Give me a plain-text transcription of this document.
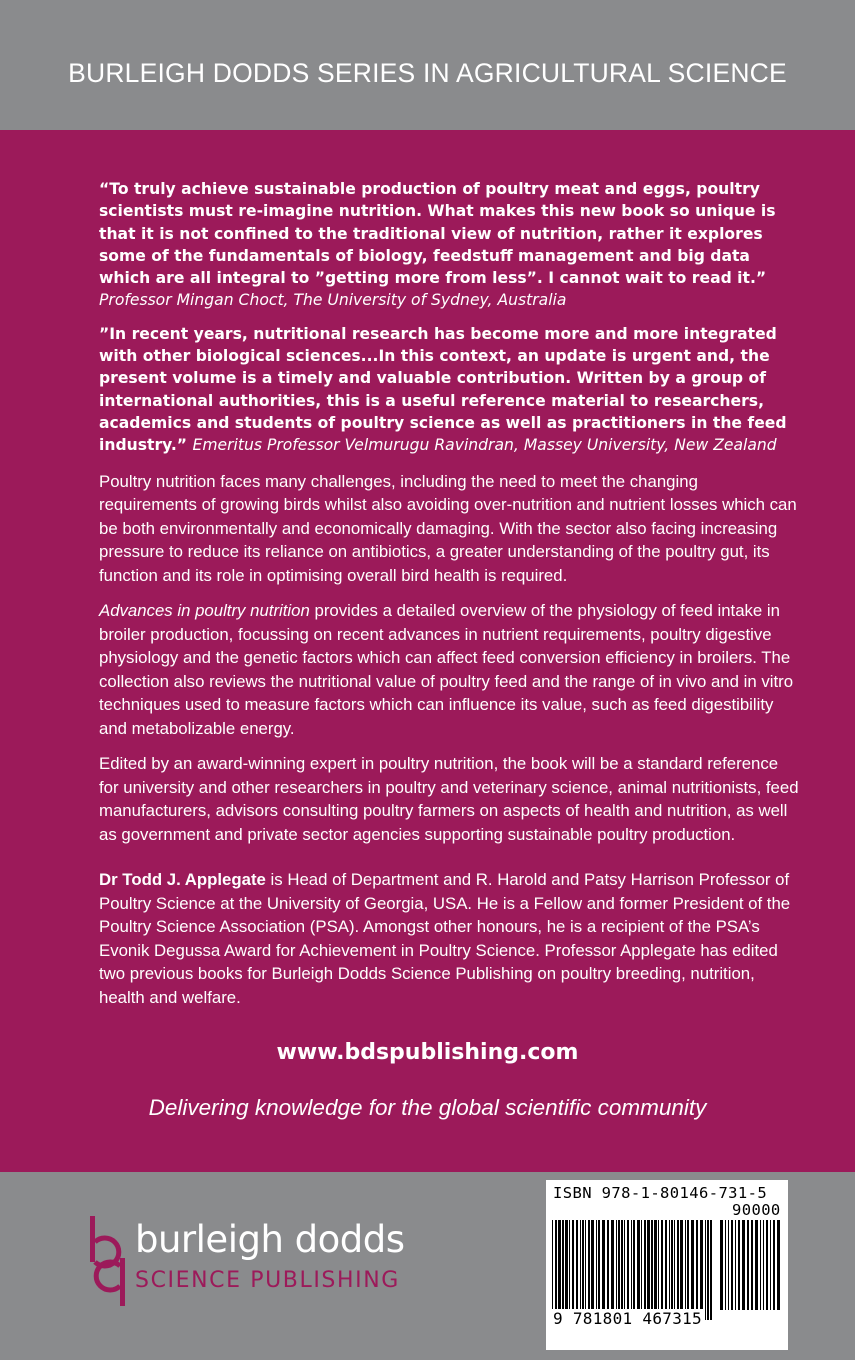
BURLEIGH DODDS SERIES IN AGRICULTURAL SCIENCE

“To truly achieve sustainable production of poultry meat and eggs, poultry scientists must re-imagine nutrition. What makes this new book so unique is that it is not confined to the traditional view of nutrition, rather it explores some of the fundamentals of biology, feedstuff management and big data which are all integral to ”getting more from less”. I cannot wait to read it.” Professor Mingan Choct, The University of Sydney, Australia

”In recent years, nutritional research has become more and more integrated with other biological sciences...In this context, an update is urgent and, the present volume is a timely and valuable contribution. Written by a group of international authorities, this is a useful reference material to researchers, academics and students of poultry science as well as practitioners in the feed industry.” Emeritus Professor Velmurugu Ravindran, Massey University, New Zealand

Poultry nutrition faces many challenges, including the need to meet the changing requirements of growing birds whilst also avoiding over-nutrition and nutrient losses which can be both environmentally and economically damaging. With the sector also facing increasing pressure to reduce its reliance on antibiotics, a greater understanding of the poultry gut, its function and its role in optimising overall bird health is required.

Advances in poultry nutrition provides a detailed overview of the physiology of feed intake in broiler production, focussing on recent advances in nutrient requirements, poultry digestive physiology and the genetic factors which can affect feed conversion efficiency in broilers. The collection also reviews the nutritional value of poultry feed and the range of in vivo and in vitro techniques used to measure factors which can influence its value, such as feed digestibility and metabolizable energy.

Edited by an award-winning expert in poultry nutrition, the book will be a standard reference for university and other researchers in poultry and veterinary science, animal nutritionists, feed manufacturers, advisors consulting poultry farmers on aspects of health and nutrition, as well as government and private sector agencies supporting sustainable poultry production.

Dr Todd J. Applegate is Head of Department and R. Harold and Patsy Harrison Professor of Poultry Science at the University of Georgia, USA. He is a Fellow and former President of the Poultry Science Association (PSA). Amongst other honours, he is a recipient of the PSA’s Evonik Degussa Award for Achievement in Poultry Science. Professor Applegate has edited two previous books for Burleigh Dodds Science Publishing on poultry breeding, nutrition, health and welfare.

www.bdspublishing.com
Delivering knowledge for the global scientific community
burleigh dodds
SCIENCE PUBLISHING
ISBN 978-1-80146-731-5
90000
9 781801 467315
